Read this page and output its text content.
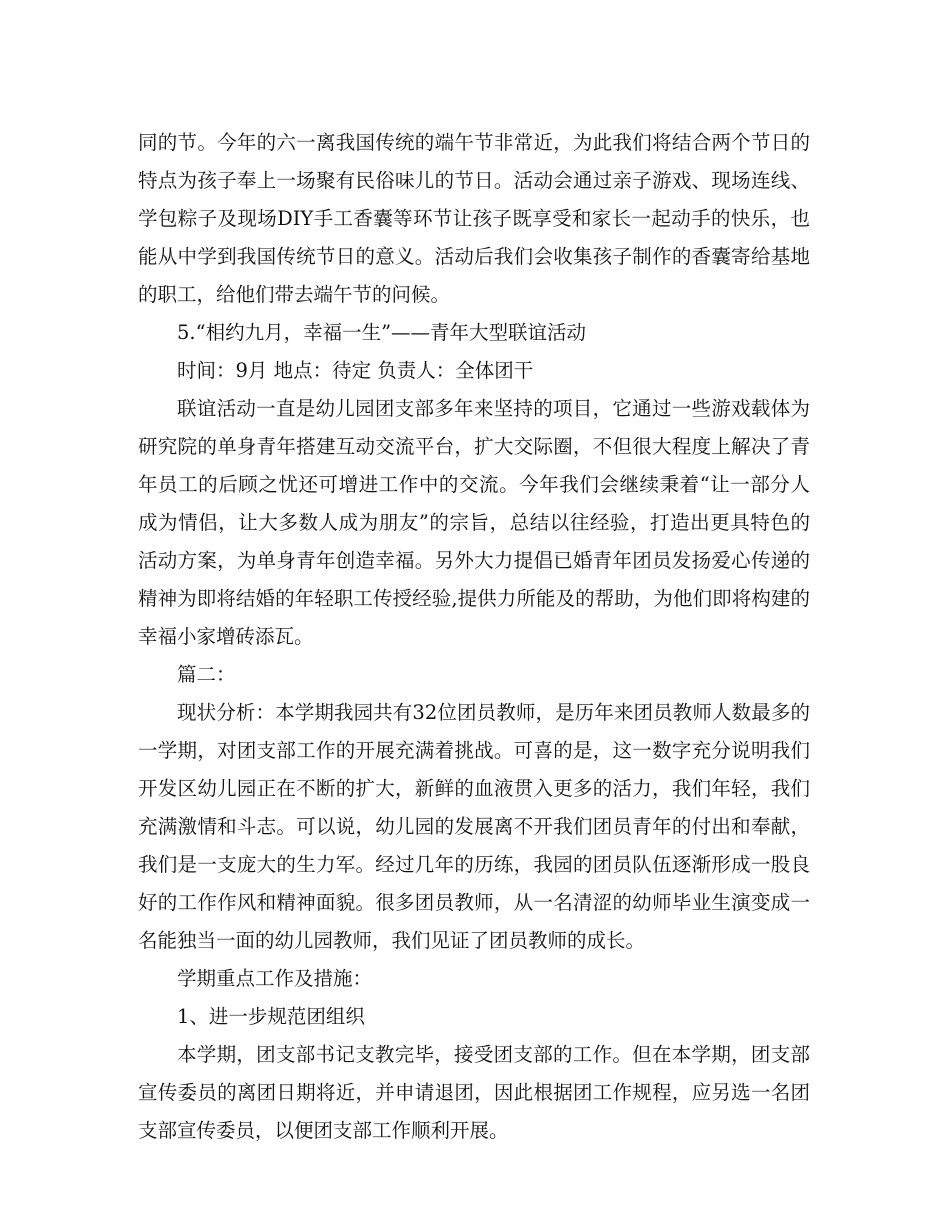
同的节。今年的六一离我国传统的端午节非常近，为此我们将结合两个节日的特点为孩子奉上一场聚有民俗味儿的节日。活动会通过亲子游戏、现场连线、学包粽子及现场DIY手工香囊等环节让孩子既享受和家长一起动手的快乐，也能从中学到我国传统节日的意义。活动后我们会收集孩子制作的香囊寄给基地的职工，给他们带去端午节的问候。

5.“相约九月，幸福一生”——青年大型联谊活动

时间：9月 地点：待定 负责人：全体团干

联谊活动一直是幼儿园团支部多年来坚持的项目，它通过一些游戏载体为研究院的单身青年搭建互动交流平台，扩大交际圈，不但很大程度上解决了青年员工的后顾之忧还可增进工作中的交流。今年我们会继续秉着“让一部分人成为情侣，让大多数人成为朋友”的宗旨，总结以往经验，打造出更具特色的活动方案，为单身青年创造幸福。另外大力提倡已婚青年团员发扬爱心传递的精神为即将结婚的年轻职工传授经验,提供力所能及的帮助，为他们即将构建的幸福小家增砖添瓦。

篇二：

现状分析：本学期我园共有32位团员教师，是历年来团员教师人数最多的一学期，对团支部工作的开展充满着挑战。可喜的是，这一数字充分说明我们开发区幼儿园正在不断的扩大，新鲜的血液贯入更多的活力，我们年轻，我们充满激情和斗志。可以说，幼儿园的发展离不开我们团员青年的付出和奉献，我们是一支庞大的生力军。经过几年的历练，我园的团员队伍逐渐形成一股良好的工作作风和精神面貌。很多团员教师，从一名清涩的幼师毕业生演变成一名能独当一面的幼儿园教师，我们见证了团员教师的成长。

学期重点工作及措施：

1、进一步规范团组织

本学期，团支部书记支教完毕，接受团支部的工作。但在本学期，团支部宣传委员的离团日期将近，并申请退团，因此根据团工作规程，应另选一名团支部宣传委员，以便团支部工作顺利开展。
